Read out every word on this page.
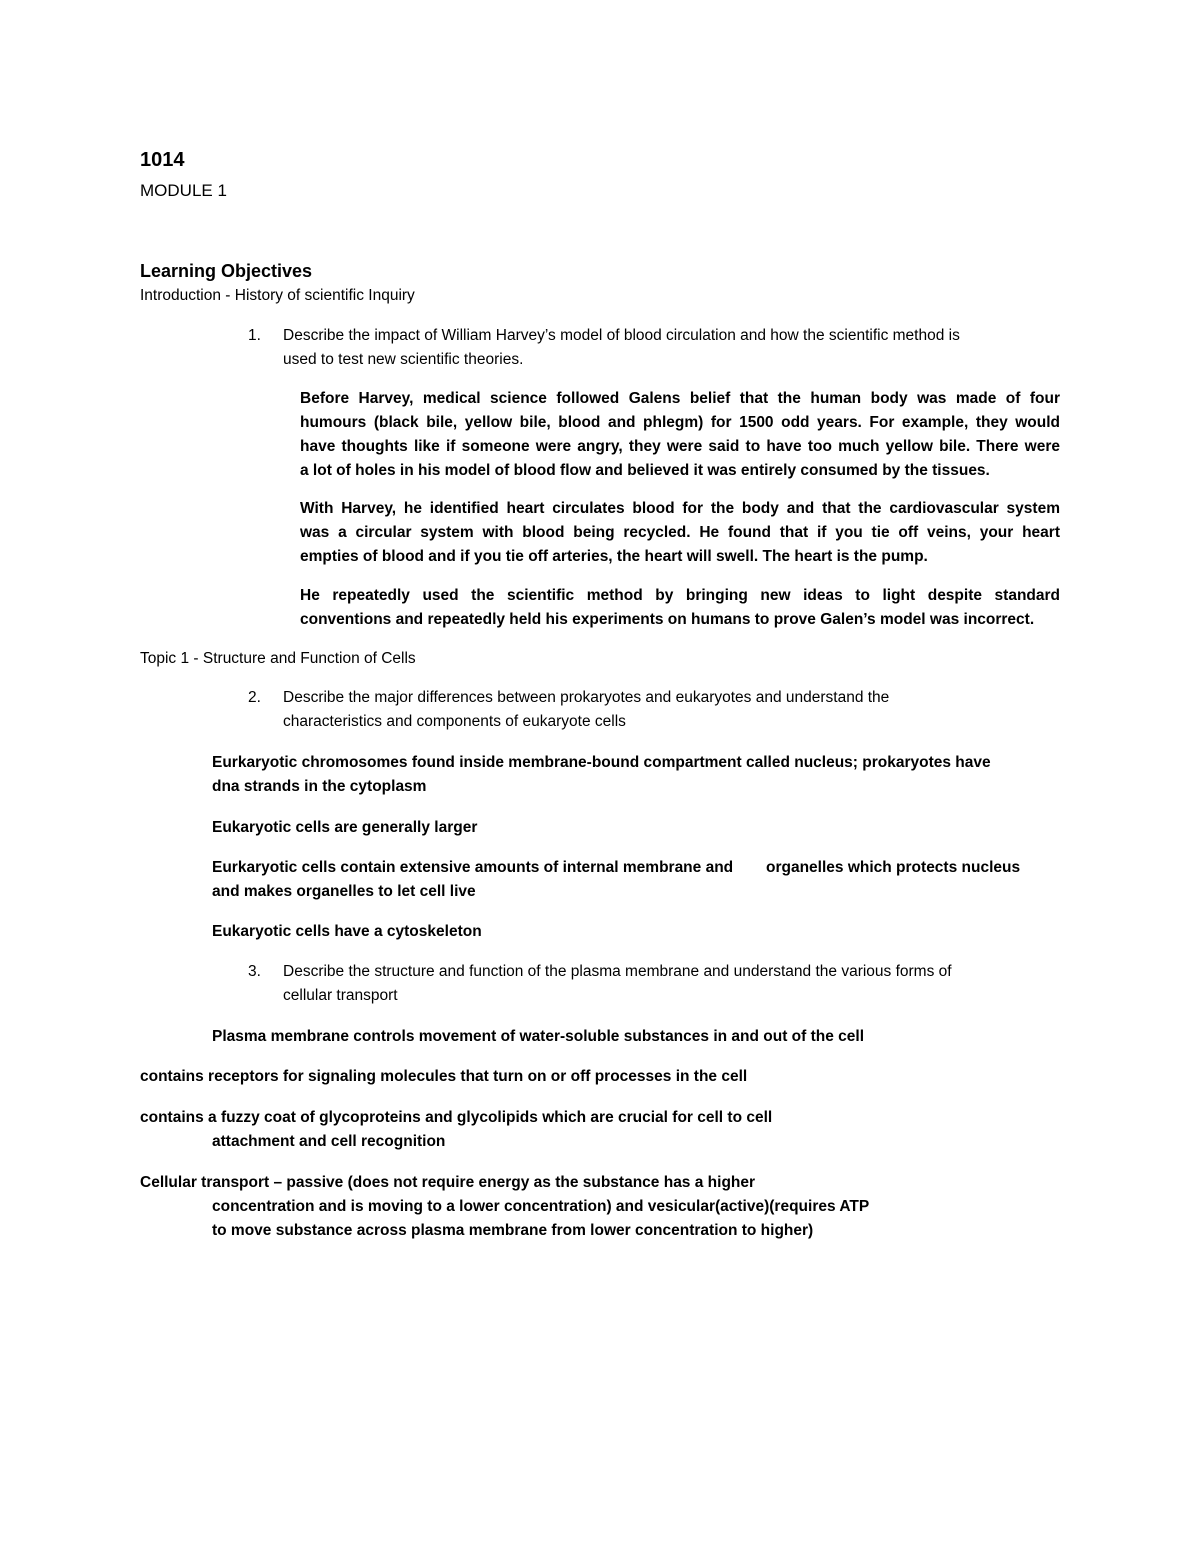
1014

MODULE 1

Learning Objectives

Introduction - History of scientific Inquiry

1. Describe the impact of William Harvey’s model of blood circulation and how the scientific method is

used to test new scientific theories.

Before Harvey, medical science followed Galens belief that the human body was made of four

humours (black bile, yellow bile, blood and phlegm) for 1500 odd years. For example, they would

have thoughts like if someone were angry, they were said to have too much yellow bile. There were

a lot of holes in his model of blood flow and believed it was entirely consumed by the tissues.

With Harvey, he identified heart circulates blood for the body and that the cardiovascular system

was a circular system with blood being recycled. He found that if you tie off veins, your heart

empties of blood and if you tie off arteries, the heart will swell. The heart is the pump.

He repeatedly used the scientific method by bringing new ideas to light despite standard

conventions and repeatedly held his experiments on humans to prove Galen’s model was incorrect.

Topic 1 - Structure and Function of Cells

2. Describe the major differences between prokaryotes and eukaryotes and understand the

characteristics and components of eukaryote cells

Eurkaryotic chromosomes found inside membrane-bound compartment called nucleus; prokaryotes have

dna strands in the cytoplasm

Eukaryotic cells are generally larger

Eurkaryotic cells contain extensive amounts of internal membrane and organelles which protects nucleus

and makes organelles to let cell live

Eukaryotic cells have a cytoskeleton

3. Describe the structure and function of the plasma membrane and understand the various forms of

cellular transport

Plasma membrane controls movement of water-soluble substances in and out of the cell

contains receptors for signaling molecules that turn on or off processes in the cell

contains a fuzzy coat of glycoproteins and glycolipids which are crucial for cell to cell

attachment and cell recognition

Cellular transport – passive (does not require energy as the substance has a higher

concentration and is moving to a lower concentration) and vesicular(active)(requires ATP

to move substance across plasma membrane from lower concentration to higher)
